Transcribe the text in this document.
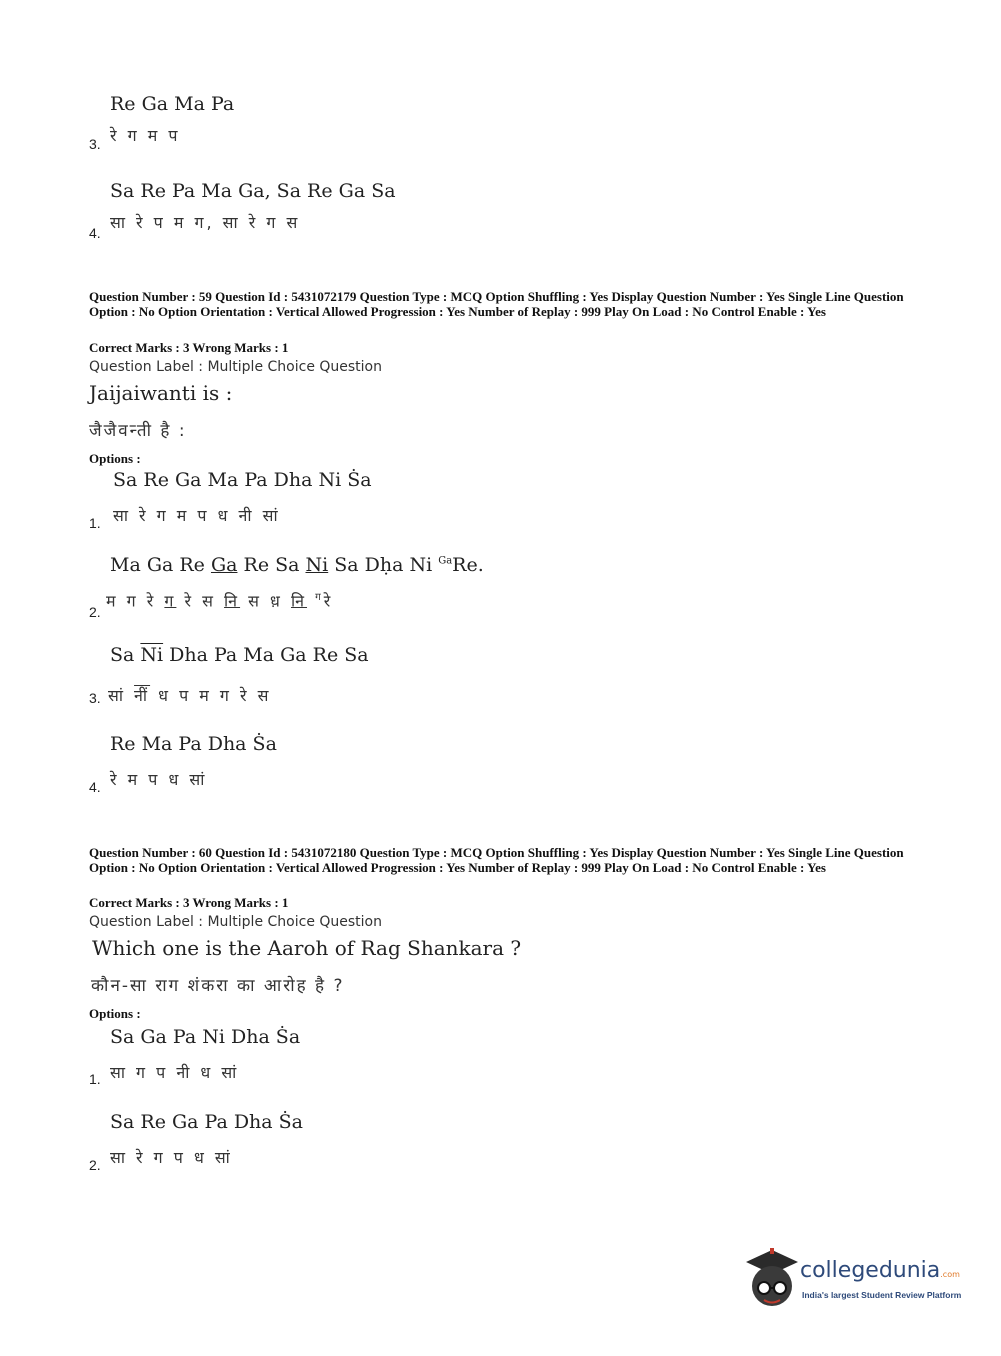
Re Ga Ma Pa
3. रे ग म प
Sa Re Pa Ma Ga, Sa Re Ga Sa
4.
सा रे प म ग, सा रे ग स
Question Number : 59 Question Id : 5431072179 Question Type : MCQ Option Shuffling : Yes Display Question Number : Yes Single Line Question Option : No Option Orientation : Vertical Allowed Progression : Yes Number of Replay : 999 Play On Load : No Control Enable : Yes
Correct Marks : 3 Wrong Marks : 1
Question Label : Multiple Choice Question
Jaijaiwanti is :
जैजैवन्ती है :
Options :
Sa Re Ga Ma Pa Dha Ni Ṡa
1. सा रे ग म प ध नी सां
Ma Ga Re Ga Re Sa Ni Sa Dḥa Ni $^{Ga}$Re.
2.
म ग रे ग रे स नि स ध़ नि $^ग$रे
Sa $\overline{Ni}$ Dha Pa Ma Ga Re Sa
3. सां नीं ध प म ग रे स
Re Ma Pa Dha Ṡa
4. रे म प ध सां
Question Number : 60 Question Id : 5431072180 Question Type : MCQ Option Shuffling : Yes Display Question Number : Yes Single Line Question Option : No Option Orientation : Vertical Allowed Progression : Yes Number of Replay : 999 Play On Load : No Control Enable : Yes
Correct Marks : 3 Wrong Marks : 1
Question Label : Multiple Choice Question
Which one is the Aaroh of Rag Shankara ?
कौन-सा राग शंकरा का आरोह है ?
Options :
Sa Ga Pa Ni Dha Ṡa
1. सा ग प नी ध सां
Sa Re Ga Pa Dha Ṡa
2. सा रे ग प ध सां
collegedunia.com
India's largest Student Review Platform
